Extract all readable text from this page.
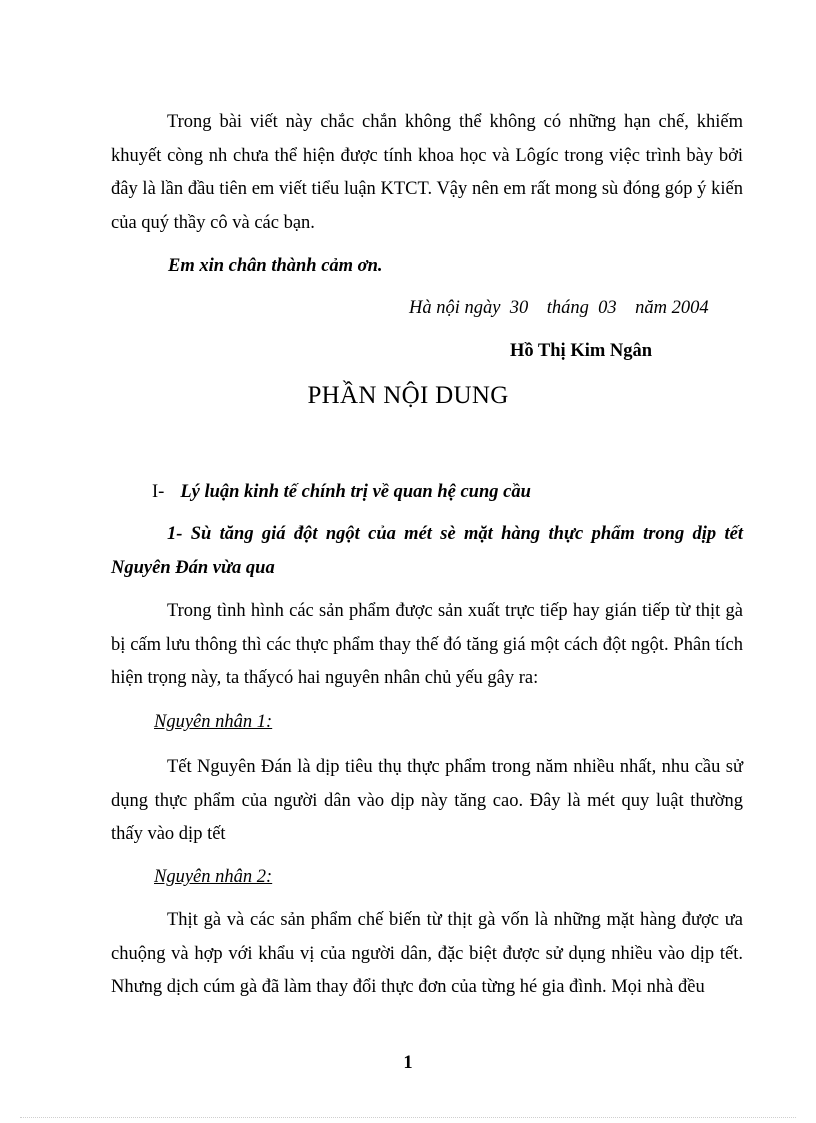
Trong bài viết này chắc chắn không thể không có những hạn chế, khiếm khuyết còng nh chưa thể hiện được tính khoa học và Lôgíc trong việc trình bày bởi đây là lần đầu tiên em viết tiểu luận KTCT. Vậy nên em rất mong sù đóng góp ý kiến của quý thầy cô và các bạn.

Em xin chân thành cảm ơn.
Hà nội ngày  30    tháng  03    năm 2004
Hồ Thị Kim Ngân
PHẦN NỘI DUNG
I- Lý luận kinh tế chính trị về quan hệ cung cầu

1- Sù tăng giá đột ngột của mét sè mặt hàng thực phẩm trong dịp tết Nguyên Đán vừa qua

Trong tình hình các sản phẩm được sản xuất trực tiếp hay gián tiếp từ thịt gà bị cấm lưu thông thì các thực phẩm thay thế đó tăng giá một cách đột ngột. Phân tích hiện trọng này, ta thấycó hai nguyên nhân chủ yếu gây ra:

Nguyên nhân 1:

Tết Nguyên Đán là dịp tiêu thụ thực phẩm trong năm nhiều nhất, nhu cầu sử dụng thực phẩm của người dân vào dịp này tăng cao. Đây là mét quy luật thường thấy vào dịp tết

Nguyên nhân 2:

Thịt gà và các sản phẩm chế biến từ thịt gà vốn là những mặt hàng được ưa chuộng và hợp với khẩu vị của người dân, đặc biệt được sử dụng nhiều vào dịp tết. Nhưng dịch cúm gà đã làm thay đổi thực đơn của từng hé gia đình. Mọi nhà đều

1
